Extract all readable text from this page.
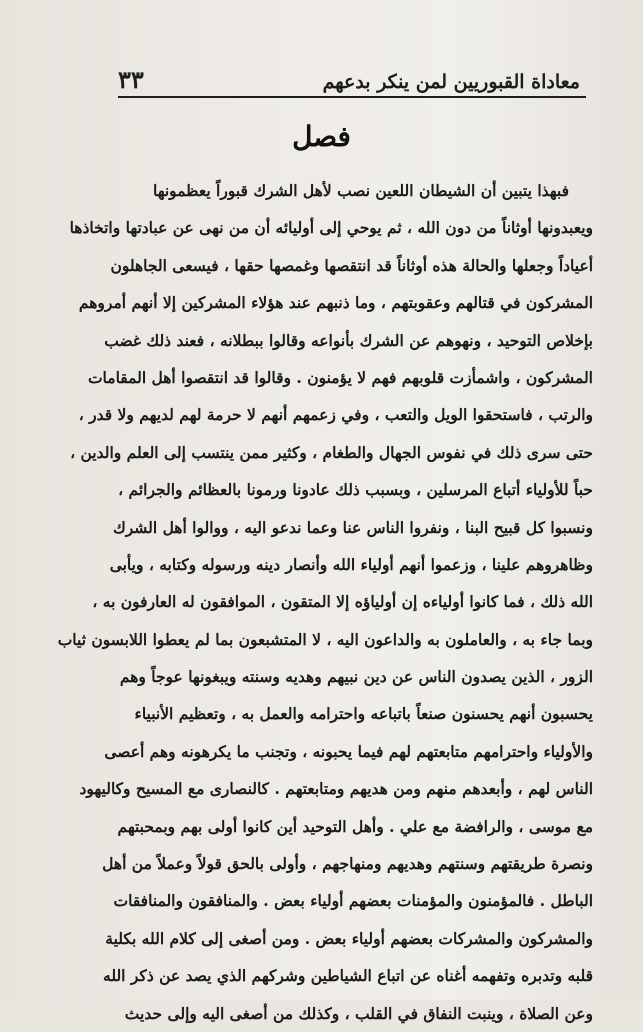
معاداة القبوريين لمن ينكر بدعهم
٣٣
فصل
فبهذا يتبين أن الشيطان اللعين نصب لأهل الشرك قبوراً يعظمونها
ويعبدونها أوثاناً من دون الله ، ثم يوحي إلى أوليائه أن من نهى عن عبادتها واتخاذها
أعياداً وجعلها والحالة هذه أوثاناً قد انتقصها وغمصها حقها ، فيسعى الجاهلون
المشركون في قتالهم وعقوبتهم ، وما ذنبهم عند هؤلاء المشركين إلا أنهم أمروهم
بإخلاص التوحيد ، ونهوهم عن الشرك بأنواعه وقالوا ببطلانه ، فعند ذلك غضب
المشركون ، واشمأزت قلوبهم فهم لا يؤمنون . وقالوا قد انتقصوا أهل المقامات
والرتب ، فاستحقوا الويل والتعب ، وفي زعمهم أنهم لا حرمة لهم لديهم ولا قدر ،
حتى سرى ذلك في نفوس الجهال والطغام ، وكثير ممن ينتسب إلى العلم والدين ،
حباً للأولياء أتباع المرسلين ، وبسبب ذلك عادونا ورمونا بالعظائم والجرائم ،
ونسبوا كل قبيح البنا ، ونفروا الناس عنا وعما ندعو اليه ، ووالوا أهل الشرك
وظاهروهم علينا ، وزعموا أنهم أولياء الله وأنصار دينه ورسوله وكتابه ، ويأبى
الله ذلك ، فما كانوا أولياءه إن أولياؤه إلا المتقون ، الموافقون له العارفون به ،
وبما جاء به ، والعاملون به والداعون اليه ، لا المتشبعون بما لم يعطوا اللابسون ثياب
الزور ، الذين يصدون الناس عن دين نبيهم وهديه وسنته ويبغونها عوجاً وهم
يحسبون أنهم يحسنون صنعاً باتباعه واحترامه والعمل به ، وتعظيم الأنبياء
والأولياء واحترامهم متابعتهم لهم فيما يحبونه ، وتجنب ما يكرهونه وهم أعصى
الناس لهم ، وأبعدهم منهم ومن هديهم ومتابعتهم . كالنصارى مع المسيح وكاليهود
مع موسى ، والرافضة مع علي . وأهل التوحيد أين كانوا أولى بهم وبمحبتهم
ونصرة طريقتهم وسنتهم وهديهم ومنهاجهم ، وأولى بالحق قولاً وعملاً من أهل
الباطل . فالمؤمنون والمؤمنات بعضهم أولياء بعض . والمنافقون والمنافقات
والمشركون والمشركات بعضهم أولياء بعض . ومن أصغى إلى كلام الله بكلية
قلبه وتدبره وتفهمه أغناه عن اتباع الشياطين وشركهم الذي يصد عن ذكر الله
وعن الصلاة ، وينبت النفاق في القلب ، وكذلك من أصغى اليه وإلى حديث
